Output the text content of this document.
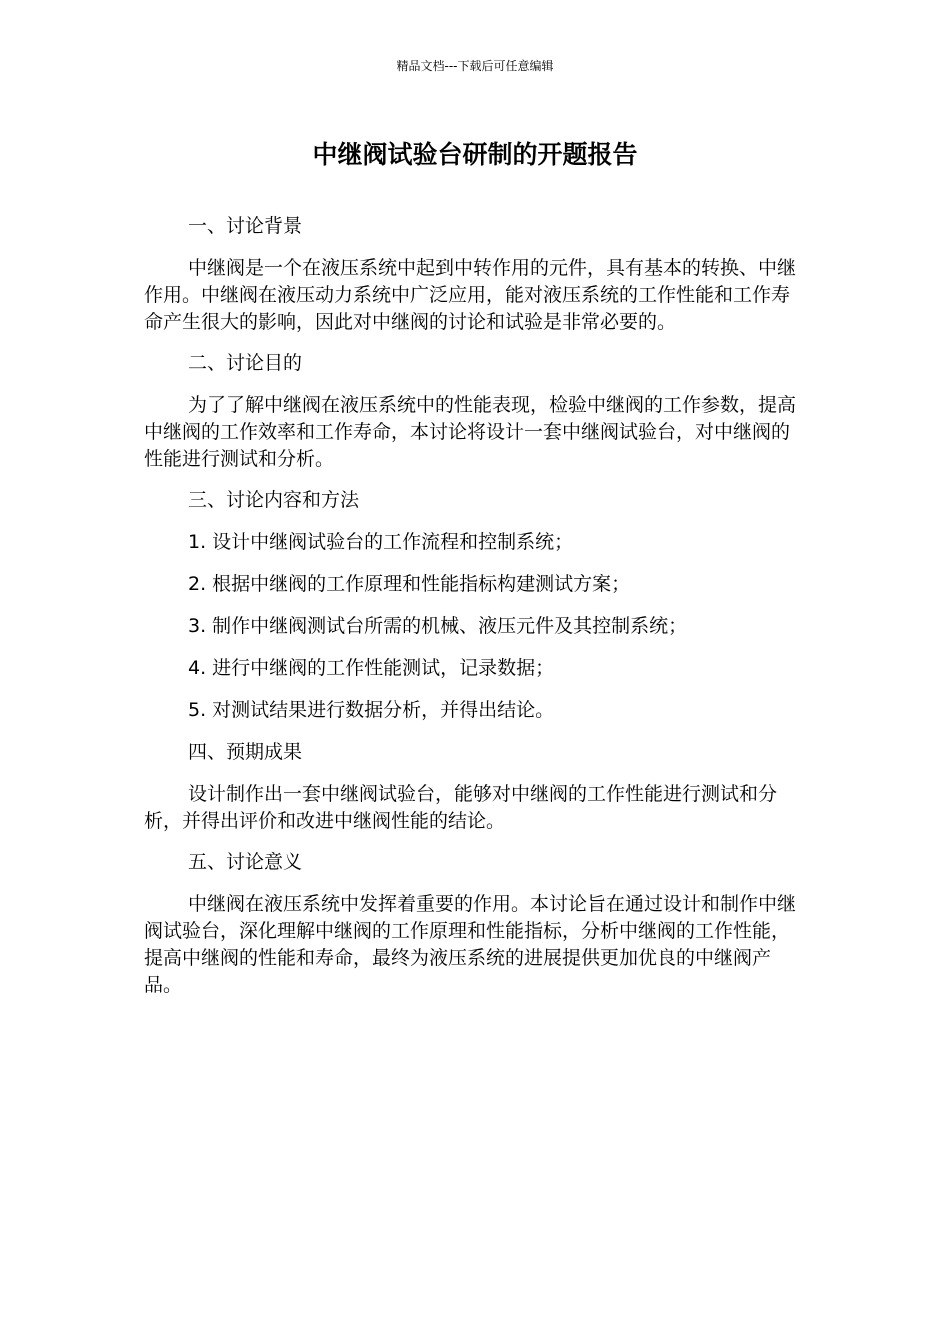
精品文档---下载后可任意编辑
中继阀试验台研制的开题报告

一、讨论背景

中继阀是一个在液压系统中起到中转作用的元件，具有基本的转换、中继作用。中继阀在液压动力系统中广泛应用，能对液压系统的工作性能和工作寿命产生很大的影响，因此对中继阀的讨论和试验是非常必要的。

二、讨论目的

为了了解中继阀在液压系统中的性能表现，检验中继阀的工作参数，提高中继阀的工作效率和工作寿命，本讨论将设计一套中继阀试验台，对中继阀的性能进行测试和分析。

三、讨论内容和方法

1. 设计中继阀试验台的工作流程和控制系统；

2. 根据中继阀的工作原理和性能指标构建测试方案；

3. 制作中继阀测试台所需的机械、液压元件及其控制系统；

4. 进行中继阀的工作性能测试，记录数据；

5. 对测试结果进行数据分析，并得出结论。

四、预期成果

设计制作出一套中继阀试验台，能够对中继阀的工作性能进行测试和分析，并得出评价和改进中继阀性能的结论。

五、讨论意义

中继阀在液压系统中发挥着重要的作用。本讨论旨在通过设计和制作中继阀试验台，深化理解中继阀的工作原理和性能指标，分析中继阀的工作性能，提高中继阀的性能和寿命，最终为液压系统的进展提供更加优良的中继阀产品。
